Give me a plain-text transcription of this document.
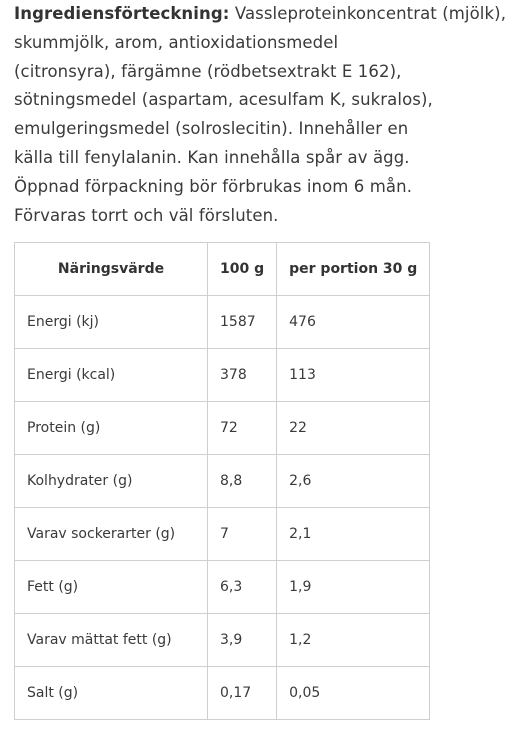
Ingrediensförteckning: Vassleproteinkoncentrat (mjölk),
skummjölk, arom, antioxidationsmedel
(citronsyra), färgämne (rödbetsextrakt E 162),
sötningsmedel (aspartam, acesulfam K, sukralos),
emulgeringsmedel (solroslecitin). Innehåller en
källa till fenylalanin. Kan innehålla spår av ägg.
Öppnad förpackning bör förbrukas inom 6 mån.
Förvaras torrt och väl försluten.
Näringsvärde	100 g	per portion 30 g
Energi (kj)	1587	476
Energi (kcal)	378	113
Protein (g)	72	22
Kolhydrater (g)	8,8	2,6
Varav sockerarter (g)	7	2,1
Fett (g)	6,3	1,9
Varav mättat fett (g)	3,9	1,2
Salt (g)	0,17	0,05
